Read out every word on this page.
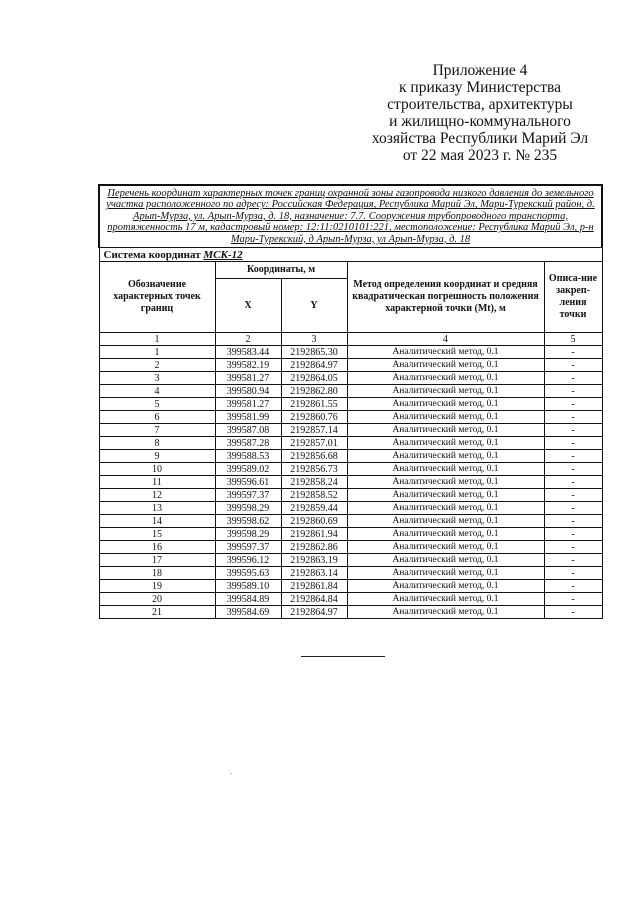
Приложение 4
к приказу Министерства
строительства, архитектуры
и жилищно-коммунального
хозяйства Республики Марий Эл
от 22 мая 2023 г. № 235
Перечень координат характерных точек границ охранной зоны газопровода низкого давления до земельного участка расположенного по адресу: Российская Федерация, Республика Марий Эл, Мари-Турекский район, д. Арып-Мурза, ул. Арып-Мурза, д. 18, назначение: 7.7. Сооружения трубопроводного транспорта, протяженность 17 м, кадастровый номер: 12:11:0210101:221, местоположение: Республика Марий Эл, р-н Мари-Турекский, д Арып-Мурза, ул Арып-Мурза, д. 18				
Система координат МСК-12				
Обозначение характерных точек границ	Координаты, м		Метод определения координат и средняя квадратическая погрешность положения характерной точки (Mt), м	Описа-ние закреп-ления точки
	X	Y		
1	2	3	4	5
1	399583.44	2192865.30	Аналитический метод, 0.1	-
2	399582.19	2192864.97	Аналитический метод, 0.1	-
3	399581.27	2192864.05	Аналитический метод, 0.1	-
4	399580.94	2192862.80	Аналитический метод, 0.1	-
5	399581.27	2192861.55	Аналитический метод, 0.1	-
6	399581.99	2192860.76	Аналитический метод, 0.1	-
7	399587.08	2192857.14	Аналитический метод, 0.1	-
8	399587.28	2192857.01	Аналитический метод, 0.1	-
9	399588.53	2192856.68	Аналитический метод, 0.1	-
10	399589.02	2192856.73	Аналитический метод, 0.1	-
11	399596.61	2192858.24	Аналитический метод, 0.1	-
12	399597.37	2192858.52	Аналитический метод, 0.1	-
13	399598.29	2192859.44	Аналитический метод, 0.1	-
14	399598.62	2192860.69	Аналитический метод, 0.1	-
15	399598.29	2192861.94	Аналитический метод, 0.1	-
16	399597.37	2192862.86	Аналитический метод, 0.1	-
17	399596.12	2192863.19	Аналитический метод, 0.1	-
18	399595.63	2192863.14	Аналитический метод, 0.1	-
19	399589.10	2192861.84	Аналитический метод, 0.1	-
20	399584.89	2192864.84	Аналитический метод, 0.1	-
21	399584.69	2192864.97	Аналитический метод, 0.1	-
